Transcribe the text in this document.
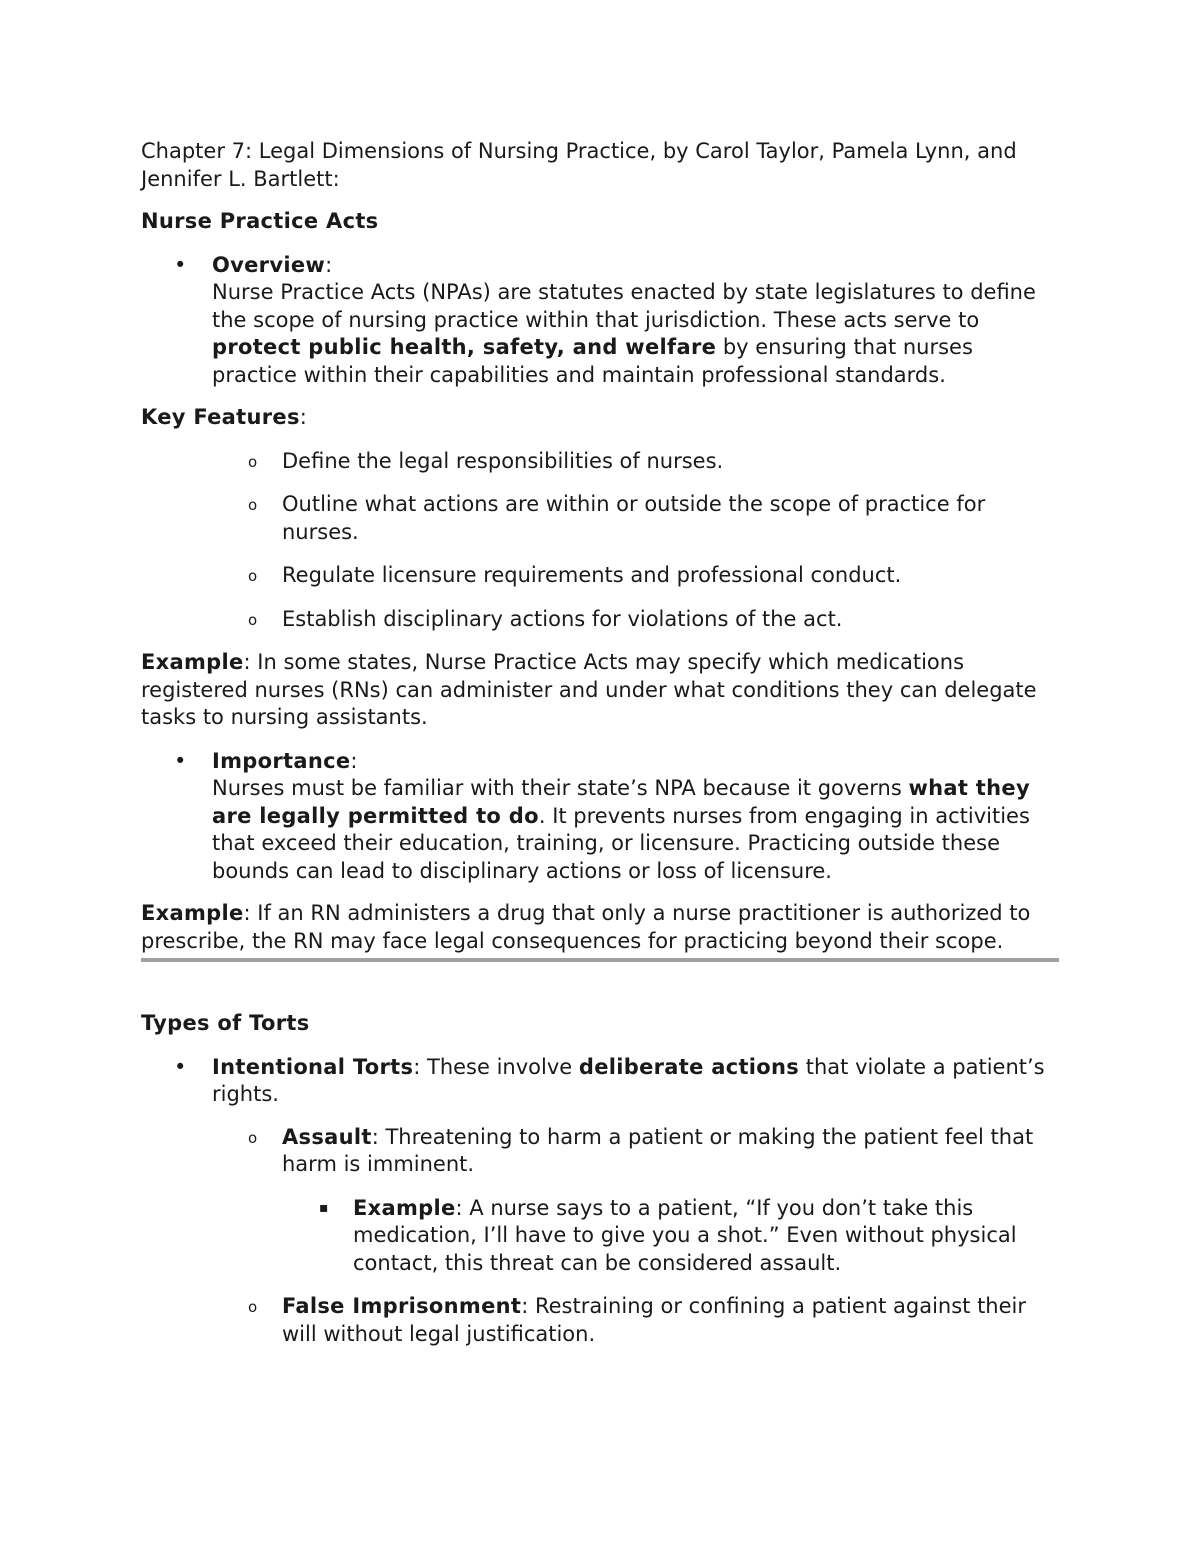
Chapter 7: Legal Dimensions of Nursing Practice, by Carol Taylor, Pamela Lynn, and Jennifer L. Bartlett:

Nurse Practice Acts

• Overview:
Nurse Practice Acts (NPAs) are statutes enacted by state legislatures to define the scope of nursing practice within that jurisdiction. These acts serve to protect public health, safety, and welfare by ensuring that nurses practice within their capabilities and maintain professional standards.

Key Features:

o Define the legal responsibilities of nurses.
o Outline what actions are within or outside the scope of practice for nurses.
o Regulate licensure requirements and professional conduct.
o Establish disciplinary actions for violations of the act.

Example: In some states, Nurse Practice Acts may specify which medications registered nurses (RNs) can administer and under what conditions they can delegate tasks to nursing assistants.

• Importance:
Nurses must be familiar with their state’s NPA because it governs what they are legally permitted to do. It prevents nurses from engaging in activities that exceed their education, training, or licensure. Practicing outside these bounds can lead to disciplinary actions or loss of licensure.

Example: If an RN administers a drug that only a nurse practitioner is authorized to prescribe, the RN may face legal consequences for practicing beyond their scope.

Types of Torts

• Intentional Torts: These involve deliberate actions that violate a patient’s rights.
o Assault: Threatening to harm a patient or making the patient feel that harm is imminent.
▪ Example: A nurse says to a patient, “If you don’t take this medication, I’ll have to give you a shot.” Even without physical contact, this threat can be considered assault.
o False Imprisonment: Restraining or confining a patient against their will without legal justification.
